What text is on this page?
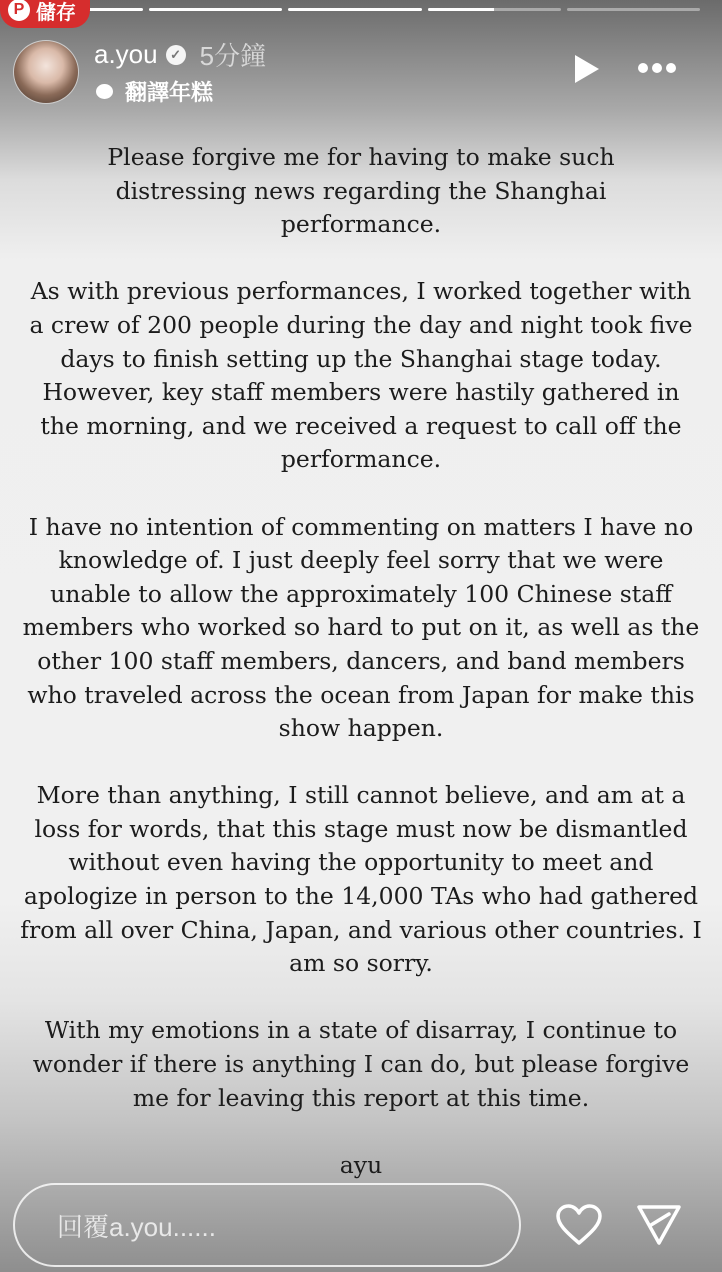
P 儲存
a.you ✓ 5分鐘
翻譯年糕

Please forgive me for having to make such distressing news regarding the Shanghai performance.

As with previous performances, I worked together with a crew of 200 people during the day and night took five days to finish setting up the Shanghai stage today. However, key staff members were hastily gathered in the morning, and we received a request to call off the performance.

I have no intention of commenting on matters I have no knowledge of. I just deeply feel sorry that we were unable to allow the approximately 100 Chinese staff members who worked so hard to put on it, as well as the other 100 staff members, dancers, and band members who traveled across the ocean from Japan for make this show happen.

More than anything, I still cannot believe, and am at a loss for words, that this stage must now be dismantled without even having the opportunity to meet and apologize in person to the 14,000 TAs who had gathered from all over China, Japan, and various other countries. I am so sorry.

With my emotions in a state of disarray, I continue to wonder if there is anything I can do, but please forgive me for leaving this report at this time.

ayu

回覆a.you......
